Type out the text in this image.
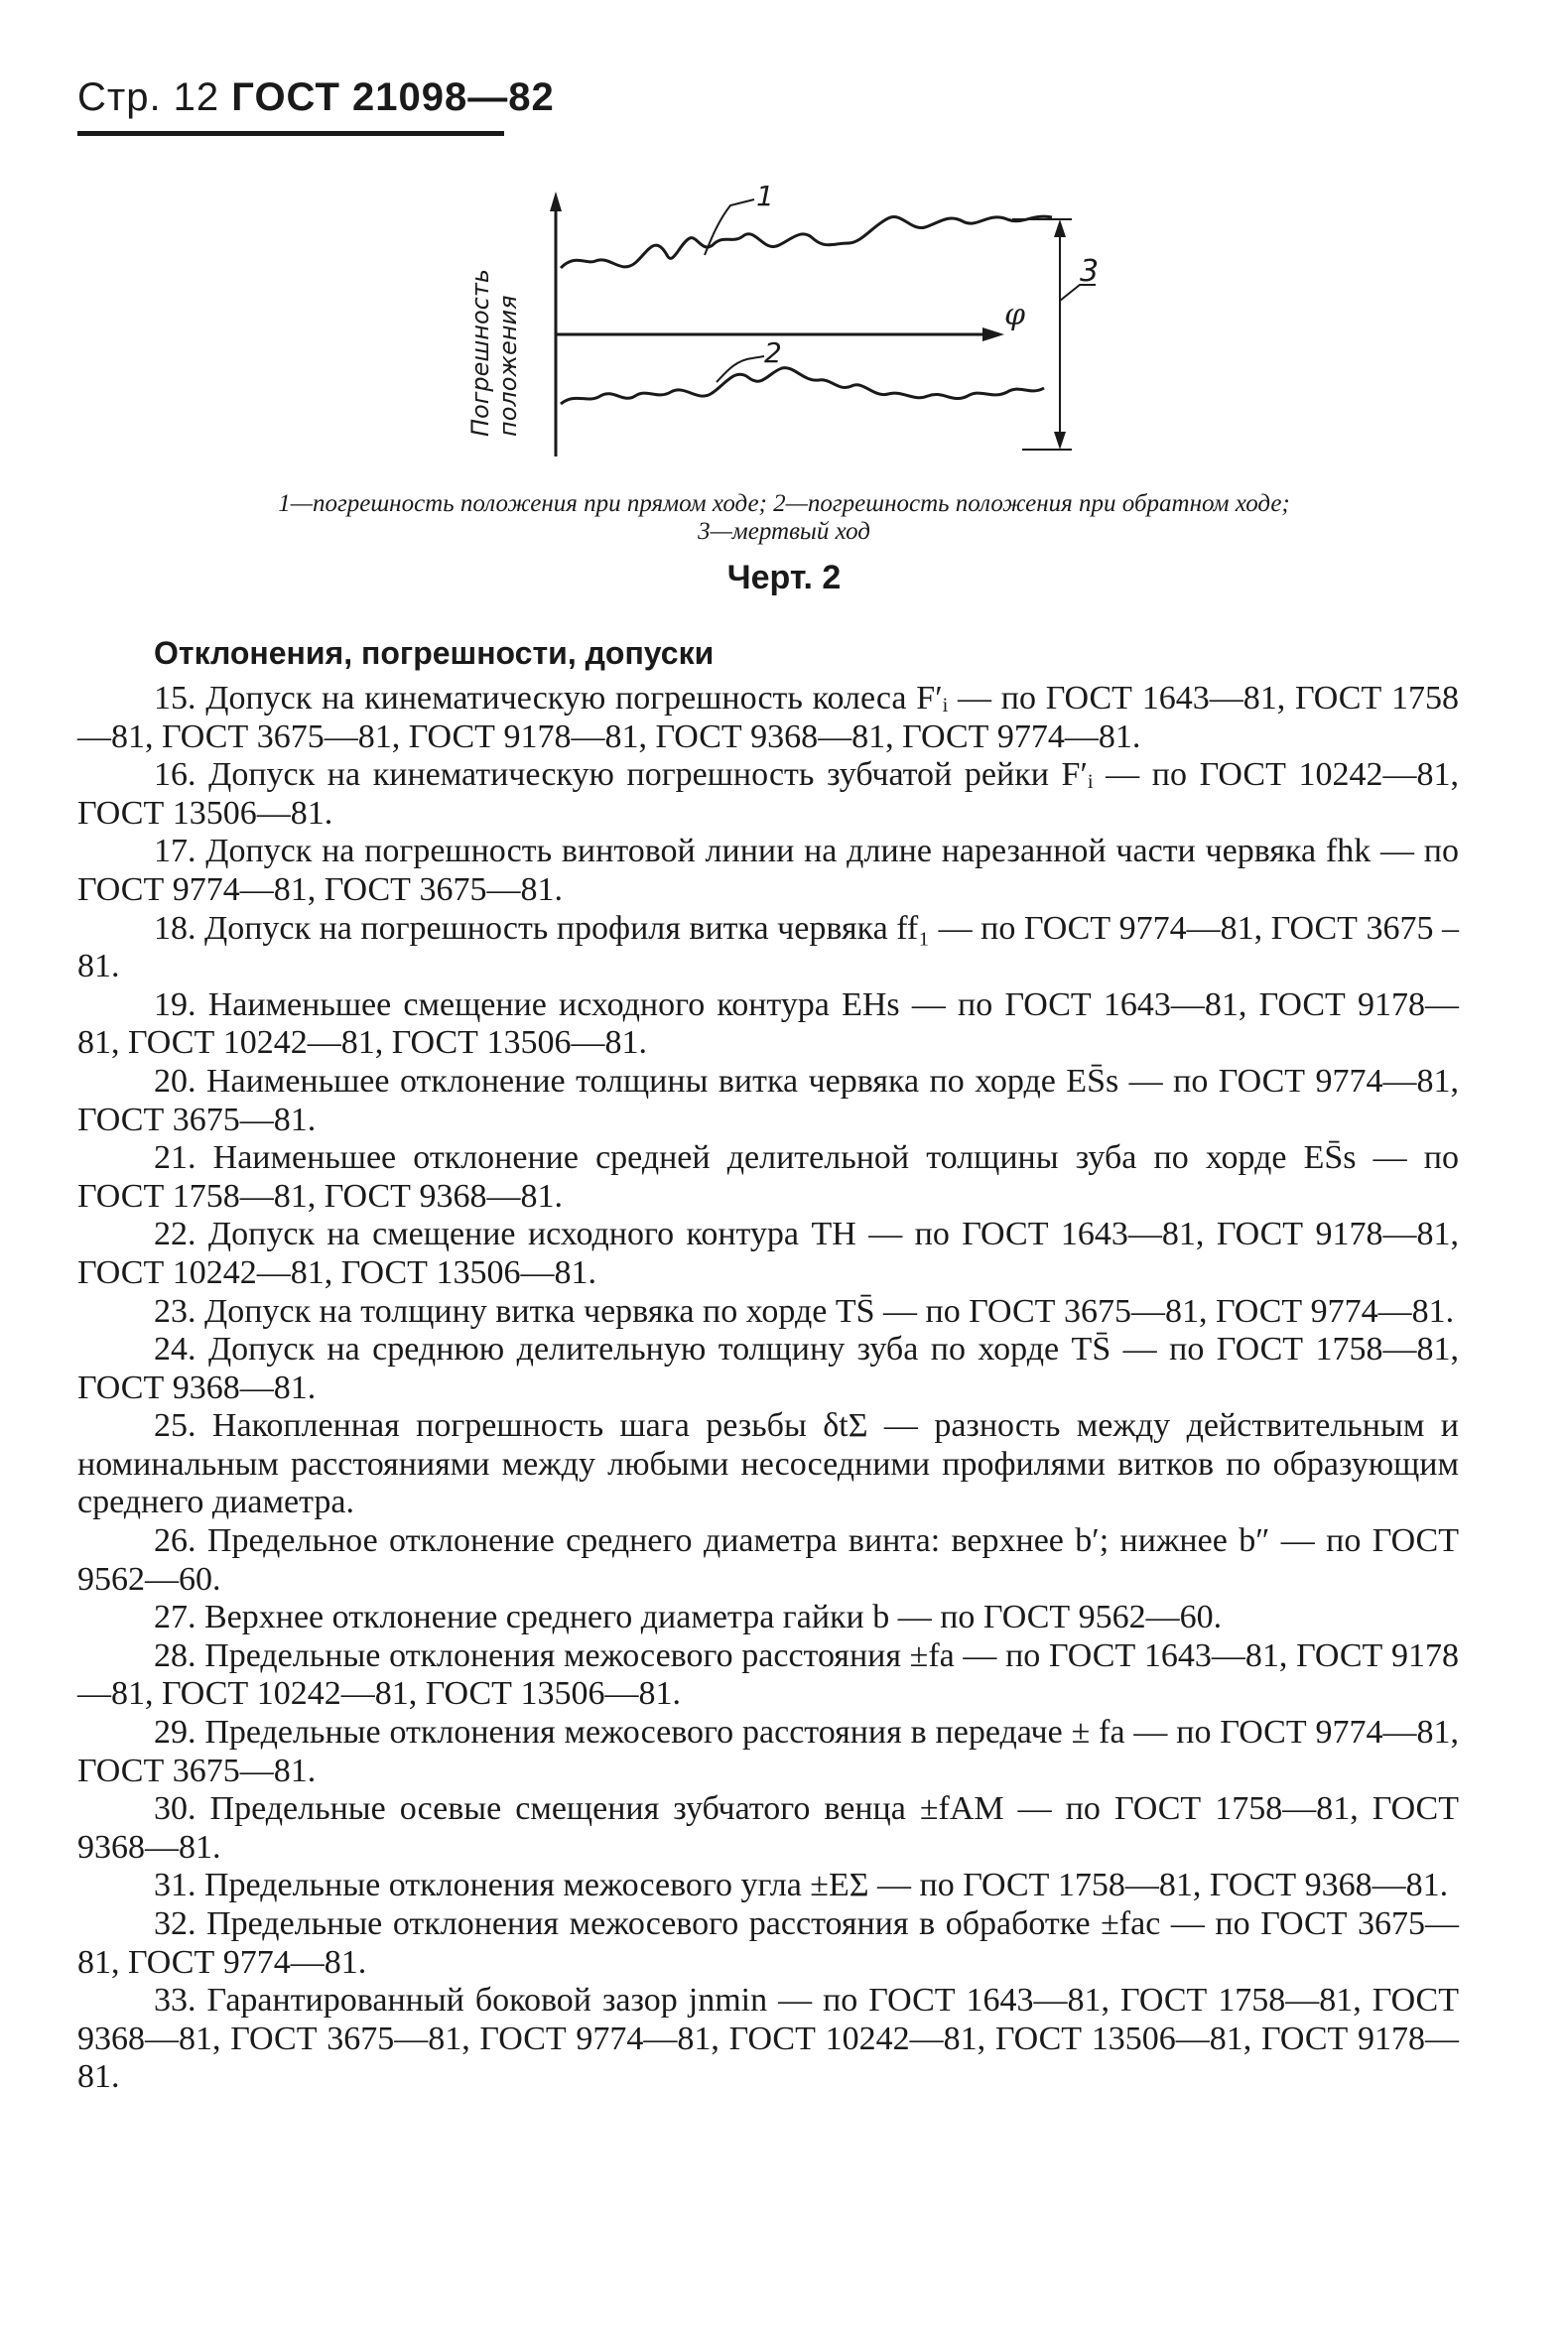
Стр. 12 ГОСТ 21098—82
Погрешность положения
1
2
3
φ
1—погрешность положения при прямом ходе; 2—погрешность положения при обратном ходе;
3—мертвый ход
Черт. 2
Отклонения, погрешности, допуски

15. Допуск на кинематическую погрешность колеса F′ᵢ — по ГОСТ 1643—81, ГОСТ 1758—81, ГОСТ 3675—81, ГОСТ 9178—81, ГОСТ 9368—81, ГОСТ 9774—81.

16. Допуск на кинематическую погрешность зубчатой рейки F′ᵢ — по ГОСТ 10242—81, ГОСТ 13506—81.

17. Допуск на погрешность винтовой линии на длине нарезанной части червяка fhk — по ГОСТ 9774—81, ГОСТ 3675—81.

18. Допуск на погрешность профиля витка червяка ff₁ — по ГОСТ 9774—81, ГОСТ 3675 –81.

19. Наименьшее смещение исходного контура EHs — по ГОСТ 1643—81, ГОСТ 9178—81, ГОСТ 10242—81, ГОСТ 13506—81.

20. Наименьшее отклонение толщины витка червяка по хорде ES̄s — по ГОСТ 9774—81, ГОСТ 3675—81.

21. Наименьшее отклонение средней делительной толщины зуба по хорде ES̄s — по ГОСТ 1758—81, ГОСТ 9368—81.

22. Допуск на смещение исходного контура TH — по ГОСТ 1643—81, ГОСТ 9178—81, ГОСТ 10242—81, ГОСТ 13506—81.

23. Допуск на толщину витка червяка по хорде TS̄ — по ГОСТ 3675—81, ГОСТ 9774—81.

24. Допуск на среднюю делительную толщину зуба по хорде TS̄ — по ГОСТ 1758—81, ГОСТ 9368—81.

25. Накопленная погрешность шага резьбы δtΣ — разность между действительным и номинальным расстояниями между любыми несоседними профилями витков по образующим среднего диаметра.

26. Предельное отклонение среднего диаметра винта: верхнее b′; нижнее b″ — по ГОСТ 9562—60.

27. Верхнее отклонение среднего диаметра гайки b — по ГОСТ 9562—60.

28. Предельные отклонения межосевого расстояния ±fa — по ГОСТ 1643—81, ГОСТ 9178—81, ГОСТ 10242—81, ГОСТ 13506—81.

29. Предельные отклонения межосевого расстояния в передаче ± fa — по ГОСТ 9774—81, ГОСТ 3675—81.

30. Предельные осевые смещения зубчатого венца ±fAM — по ГОСТ 1758—81, ГОСТ 9368—81.

31. Предельные отклонения межосевого угла ±EΣ — по ГОСТ 1758—81, ГОСТ 9368—81.

32. Предельные отклонения межосевого расстояния в обработке ±fac — по ГОСТ 3675—81, ГОСТ 9774—81.

33. Гарантированный боковой зазор jnmin — по ГОСТ 1643—81, ГОСТ 1758—81, ГОСТ 9368—81, ГОСТ 3675—81, ГОСТ 9774—81, ГОСТ 10242—81, ГОСТ 13506—81, ГОСТ 9178—81.
